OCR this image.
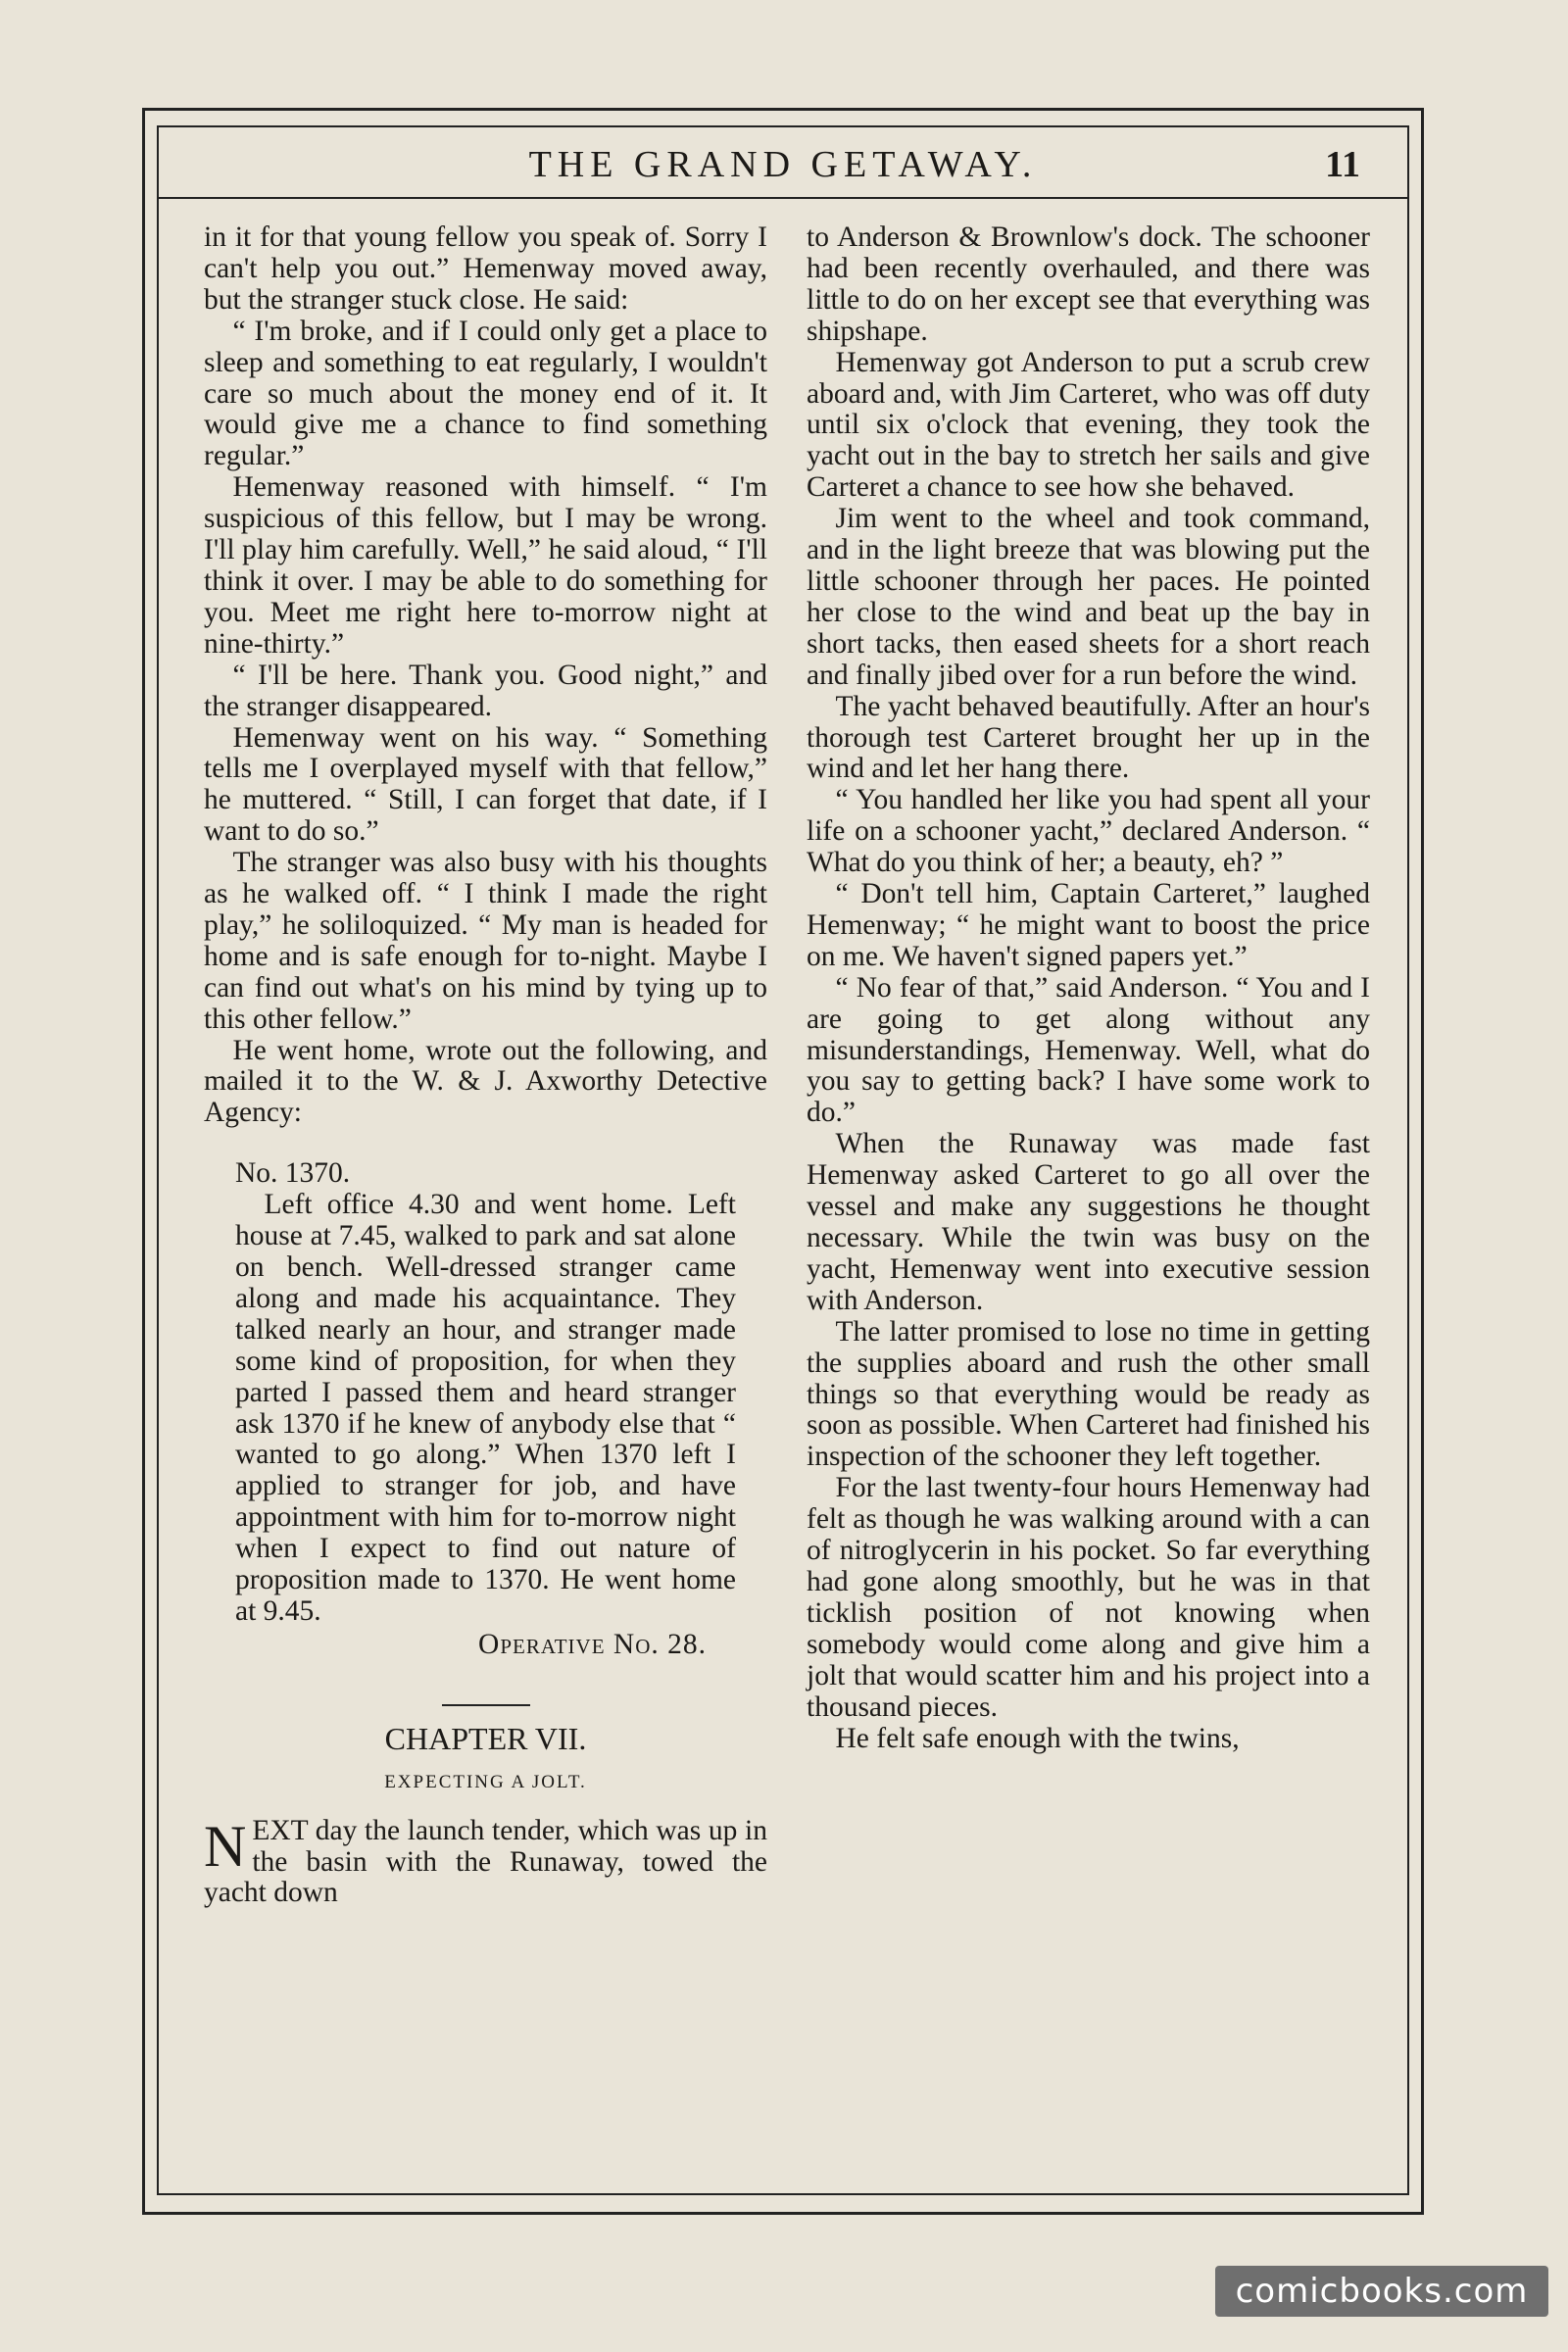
THE GRAND GETAWAY.	11

in it for that young fellow you speak of. Sorry I can't help you out.” Hemenway moved away, but the stranger stuck close. He said:

“ I'm broke, and if I could only get a place to sleep and something to eat regularly, I wouldn't care so much about the money end of it. It would give me a chance to find something regular.”

Hemenway reasoned with himself. “ I'm suspicious of this fellow, but I may be wrong. I'll play him carefully. Well,” he said aloud, “ I'll think it over. I may be able to do something for you. Meet me right here to-morrow night at nine-thirty.”

“ I'll be here. Thank you. Good night,” and the stranger disappeared.

Hemenway went on his way. “ Something tells me I overplayed myself with that fellow,” he muttered. “ Still, I can forget that date, if I want to do so.”

The stranger was also busy with his thoughts as he walked off. “ I think I made the right play,” he soliloquized. “ My man is headed for home and is safe enough for to-night. Maybe I can find out what's on his mind by tying up to this other fellow.”

He went home, wrote out the following, and mailed it to the W. & J. Axworthy Detective Agency:

No. 1370.

Left office 4.30 and went home. Left house at 7.45, walked to park and sat alone on bench. Well-dressed stranger came along and made his acquaintance. They talked nearly an hour, and stranger made some kind of proposition, for when they parted I passed them and heard stranger ask 1370 if he knew of anybody else that “ wanted to go along.” When 1370 left I applied to stranger for job, and have appointment with him for to-morrow night when I expect to find out nature of proposition made to 1370. He went home at 9.45.

Operative No. 28.
CHAPTER VII.
EXPECTING A JOLT.

NEXT day the launch tender, which was up in the basin with the Runaway, towed the yacht down

to Anderson & Brownlow's dock. The schooner had been recently overhauled, and there was little to do on her except see that everything was shipshape.

Hemenway got Anderson to put a scrub crew aboard and, with Jim Carteret, who was off duty until six o'clock that evening, they took the yacht out in the bay to stretch her sails and give Carteret a chance to see how she behaved.

Jim went to the wheel and took command, and in the light breeze that was blowing put the little schooner through her paces. He pointed her close to the wind and beat up the bay in short tacks, then eased sheets for a short reach and finally jibed over for a run before the wind.

The yacht behaved beautifully. After an hour's thorough test Carteret brought her up in the wind and let her hang there.

“ You handled her like you had spent all your life on a schooner yacht,” declared Anderson. “ What do you think of her; a beauty, eh? ”

“ Don't tell him, Captain Carteret,” laughed Hemenway; “ he might want to boost the price on me. We haven't signed papers yet.”

“ No fear of that,” said Anderson. “ You and I are going to get along without any misunderstandings, Hemenway. Well, what do you say to getting back? I have some work to do.”

When the Runaway was made fast Hemenway asked Carteret to go all over the vessel and make any suggestions he thought necessary. While the twin was busy on the yacht, Hemenway went into executive session with Anderson.

The latter promised to lose no time in getting the supplies aboard and rush the other small things so that everything would be ready as soon as possible. When Carteret had finished his inspection of the schooner they left together.

For the last twenty-four hours Hemenway had felt as though he was walking around with a can of nitroglycerin in his pocket. So far everything had gone along smoothly, but he was in that ticklish position of not knowing when somebody would come along and give him a jolt that would scatter him and his project into a thousand pieces.

He felt safe enough with the twins,

comicbooks.com
